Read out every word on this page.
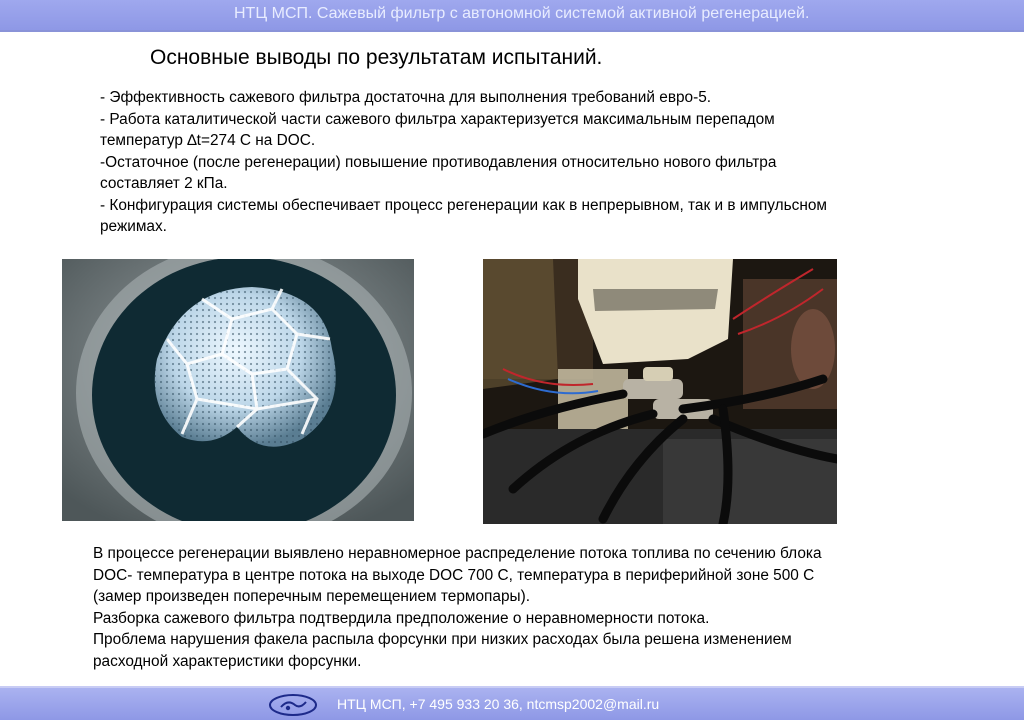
НТЦ МСП. Сажевый фильтр с автономной системой активной регенерацией.
Основные выводы по результатам испытаний.
- Эффективность сажевого фильтра достаточна для выполнения требований евро-5.
- Работа каталитической части сажевого фильтра характеризуется максимальным перепадом температур ∆t=274 С на DOC.
-Остаточное (после регенерации) повышение противодавления относительно нового фильтра составляет 2 кПа.
- Конфигурация системы обеспечивает процесс регенерации как в непрерывном, так и в импульсном режимах.
В процессе регенерации выявлено неравномерное распределение потока топлива по сечению блока DOC- температура в центре потока на выходе DOC 700 С, температура в периферийной зоне 500 С (замер произведен поперечным перемещением термопары).
Разборка сажевого фильтра подтвердила предположение о неравномерности потока.
Проблема нарушения факела распыла форсунки при низких расходах была решена изменением расходной характеристики форсунки.
НТЦ МСП, +7 495 933 20 36, ntcmsp2002@mail.ru
